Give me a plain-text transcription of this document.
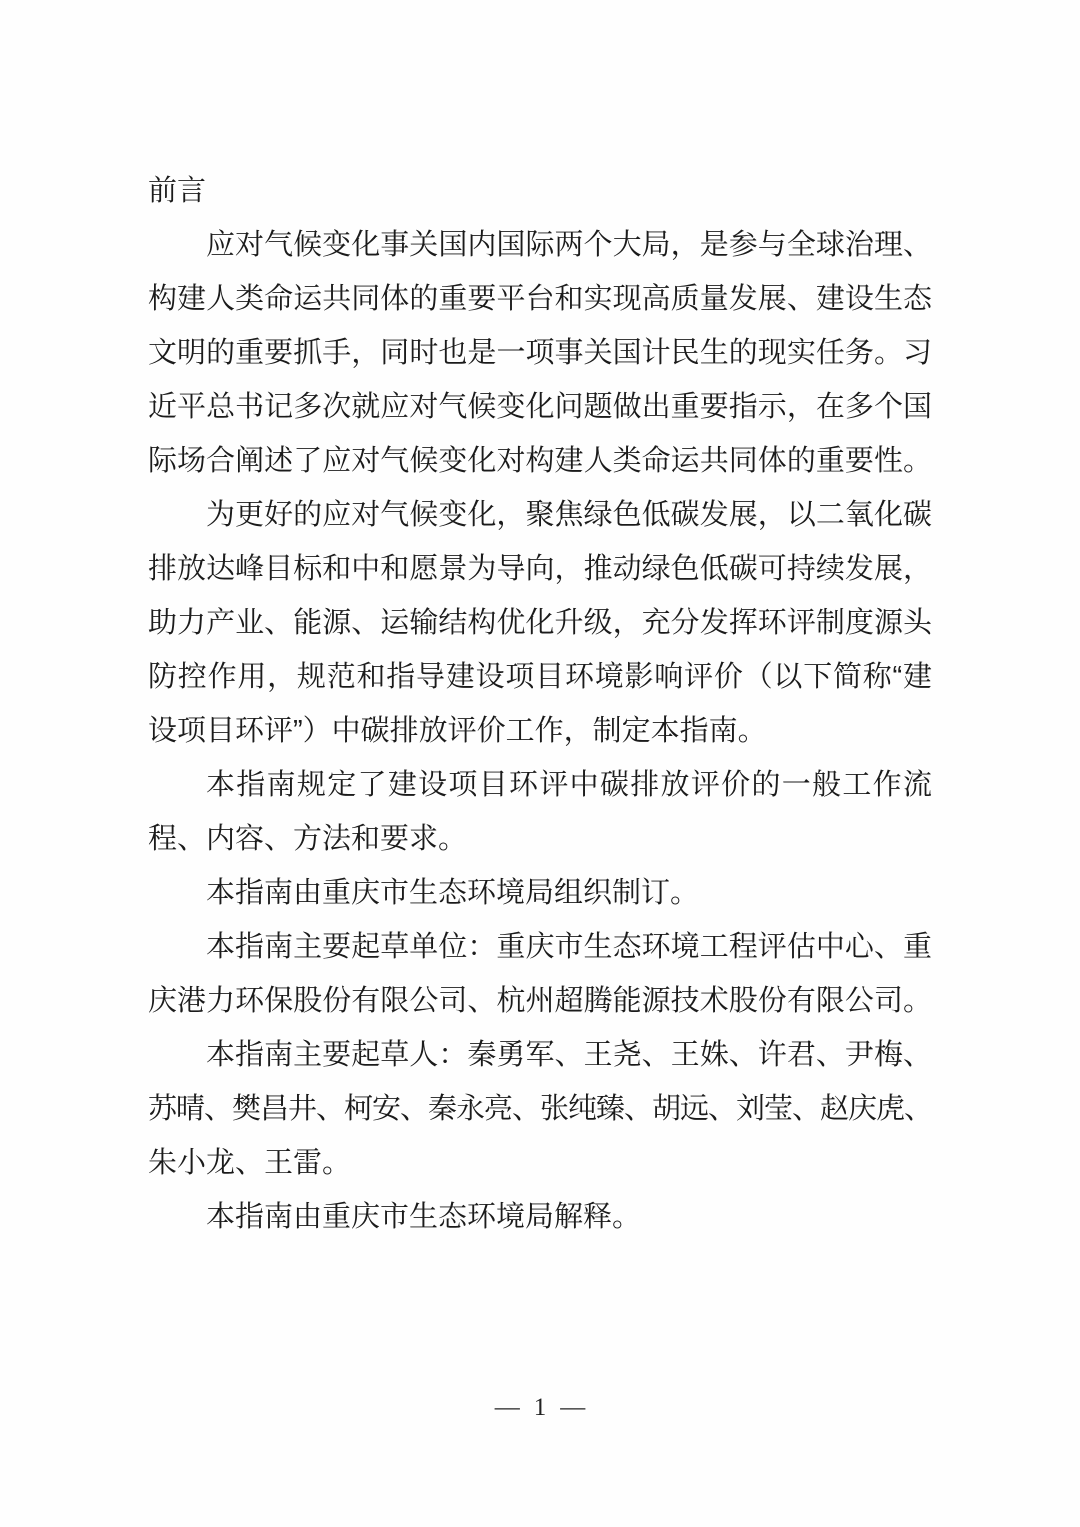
前言
应对气候变化事关国内国际两个大局，是参与全球治理、
构建人类命运共同体的重要平台和实现高质量发展、建设生态
文明的重要抓手，同时也是一项事关国计民生的现实任务。习
近平总书记多次就应对气候变化问题做出重要指示，在多个国
际场合阐述了应对气候变化对构建人类命运共同体的重要性。
为更好的应对气候变化，聚焦绿色低碳发展，以二氧化碳
排放达峰目标和中和愿景为导向，推动绿色低碳可持续发展，
助力产业、能源、运输结构优化升级，充分发挥环评制度源头
防控作用，规范和指导建设项目环境影响评价（以下简称“建
设项目环评”）中碳排放评价工作，制定本指南。
本指南规定了建设项目环评中碳排放评价的一般工作流
程、内容、方法和要求。
本指南由重庆市生态环境局组织制订。
本指南主要起草单位：重庆市生态环境工程评估中心、重
庆港力环保股份有限公司、杭州超腾能源技术股份有限公司。
本指南主要起草人：秦勇军、王尧、王姝、许君、尹梅、
苏晴、樊昌井、柯安、秦永亮、张纯臻、胡远、刘莹、赵庆虎、
朱小龙、王雷。
本指南由重庆市生态环境局解释。
— 1 —
